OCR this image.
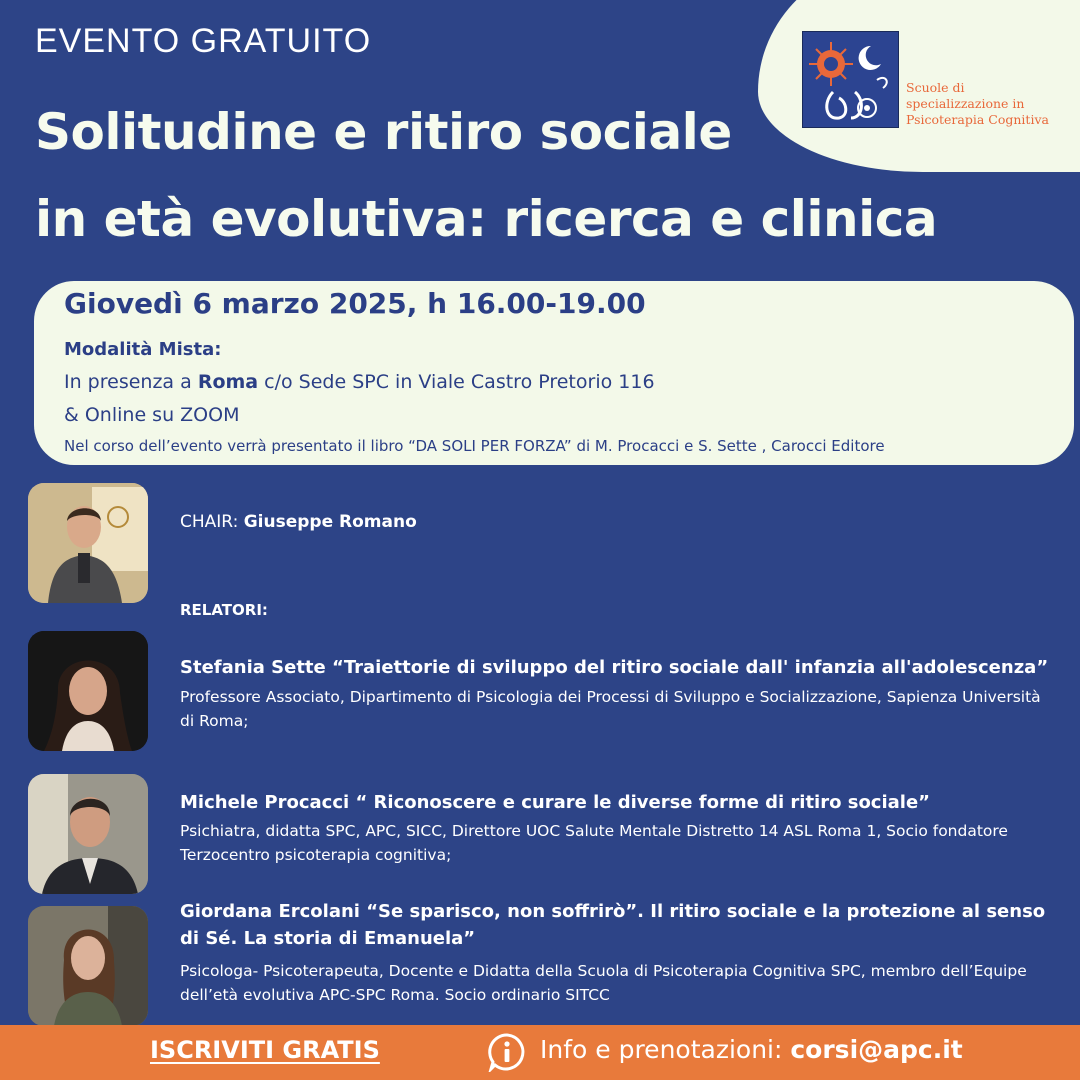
Scuole di
specializzazione in
Psicoterapia Cognitiva
EVENTO GRATUITO
Solitudine e ritiro sociale
in età evolutiva: ricerca e clinica
Giovedì 6 marzo 2025, h 16.00-19.00
Modalità Mista:
In presenza a Roma c/o Sede SPC in Viale Castro Pretorio 116
& Online su ZOOM
Nel corso dell’evento verrà presentato il libro “DA SOLI PER FORZA” di M. Procacci e S. Sette , Carocci Editore
CHAIR: Giuseppe Romano
RELATORI:
Stefania Sette “Traiettorie di sviluppo del ritiro sociale dall' infanzia all'adolescenza”
Professore Associato, Dipartimento di Psicologia dei Processi di Sviluppo e Socializzazione, Sapienza Università di Roma;
Michele Procacci “ Riconoscere e curare le diverse forme di ritiro sociale”
Psichiatra, didatta SPC, APC, SICC, Direttore UOC Salute Mentale Distretto 14 ASL Roma 1, Socio fondatore Terzocentro psicoterapia cognitiva;
Giordana Ercolani “Se sparisco, non soffrirò”. Il ritiro sociale e la protezione al senso di Sé. La storia di Emanuela”
Psicologa- Psicoterapeuta, Docente e Didatta della Scuola di Psicoterapia Cognitiva SPC, membro dell’Equipe dell’età evolutiva APC-SPC Roma. Socio ordinario SITCC
ISCRIVITI GRATIS	Info e prenotazioni: corsi@apc.it
